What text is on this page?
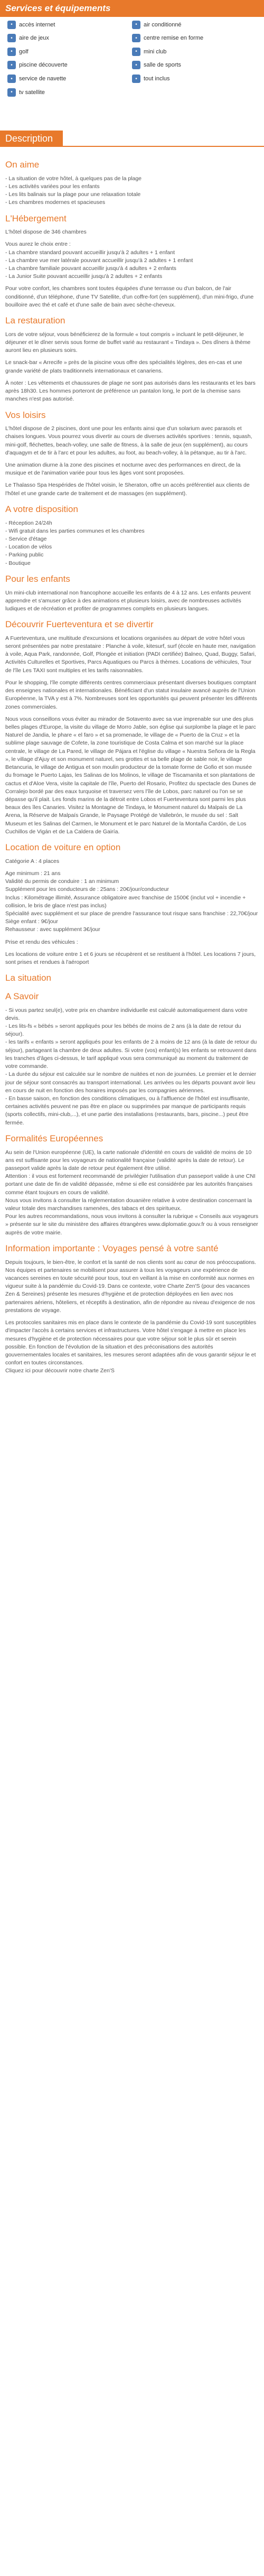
Services et équipements
•	accès internet	•	air conditionné
•	aire de jeux	•	centre remise en forme
•	golf	•	mini club
•	piscine découverte	•	salle de sports
•	service de navette	•	tout inclus
•	tv satellite
Description
On aime

- La situation de votre hôtel, à quelques pas de la plage
- Les activités variées pour les enfants
- Les lits balinais sur la plage pour une relaxation totale
- Les chambres modernes et spacieuses

L'Hébergement

L'hôtel dispose de 346 chambres

Vous aurez le choix entre :
- La chambre standard pouvant accueillir jusqu'à 2 adultes + 1 enfant
- La chambre vue mer latérale pouvant accueillir jusqu'à 2 adultes + 1 enfant
- La chambre familiale pouvant accueillir jusqu'à 4 adultes + 2 enfants
- La Junior Suite pouvant accueillir jusqu'à 2 adultes + 2 enfants

Pour votre confort, les chambres sont toutes équipées d'une terrasse ou d'un balcon, de l'air conditionné, d'un téléphone, d'une TV Satellite, d'un coffre-fort (en supplément), d'un mini-frigo, d'une bouilloire avec thé et café et d'une salle de bain avec sèche-cheveux.

La restauration

Lors de votre séjour, vous bénéficierez de la formule « tout compris » incluant le petit-déjeuner, le déjeuner et le dîner servis sous forme de buffet varié au restaurant « Tindaya ». Des dîners à thème auront lieu en plusieurs soirs.

Le snack-bar « Arrecife » près de la piscine vous offre des spécialités légères, des en-cas et une grande variété de plats traditionnels internationaux et canariens.

À noter : Les vêtements et chaussures de plage ne sont pas autorisés dans les restaurants et les bars après 18h30. Les hommes porteront de préférence un pantalon long, le port de la chemise sans manches n'est pas autorisé.

Vos loisirs

L'hôtel dispose de 2 piscines, dont une pour les enfants ainsi que d'un solarium avec parasols et chaises longues. Vous pourrez vous divertir au cours de diverses activités sportives : tennis, squash, mini-golf, fléchettes, beach-volley, une salle de fitness, à la salle de jeux (en supplément), au cours d'aquagym et de tir à l'arc et pour les adultes, au foot, au beach-volley, à la pétanque, au tir à l'arc.

Une animation diurne à la zone des piscines et nocturne avec des performances en direct, de la musique et de l'animation variée pour tous les âges vont sont proposées.

Le Thalasso Spa Hespérides de l'hôtel voisin, le Sheraton, offre un accès préférentiel aux clients de l'hôtel et une grande carte de traitement et de massages (en supplément).

A votre disposition

- Réception 24/24h
- Wifi gratuit dans les parties communes et les chambres
- Service d'étage
- Location de vélos
- Parking public
- Boutique

Pour les enfants

Un mini-club international non francophone accueille les enfants de 4 à 12 ans. Les enfants peuvent apprendre et s'amuser grâce à des animations et plusieurs loisirs, avec de nombreuses activités ludiques et de récréation et profiter de programmes complets en plusieurs langues.

Découvrir Fuerteventura et se divertir

A Fuerteventura, une multitude d'excursions et locations organisées au départ de votre hôtel vous seront présentées par notre prestataire : Planche à voile, kitesurf, surf (école en haute mer, navigation à voile, Aqua Park, randonnée, Golf, Plongée et initiation (PADI certifiée) Balneo, Quad, Buggy, Safari, Activités Culturelles et Sportives, Parcs Aquatiques ou Parcs à thèmes. Locations de véhicules, Tour de l'île Les TAXI sont multiples et les tarifs raisonnables.

Pour le shopping, l'île compte différents centres commerciaux présentant diverses boutiques comptant des enseignes nationales et internationales. Bénéficiant d'un statut insulaire avancé auprès de l'Union Européenne, la TVA y est à 7%. Nombreuses sont les opportunités qui peuvent présenter les différents zones commerciales.

Nous vous conseillons vous éviter au mirador de Sotavento avec sa vue imprenable sur une des plus belles plages d'Europe, la visite du village de Morro Jable, son église qui surplombe la plage et le parc Naturel de Jandia, le phare « el faro » et sa promenade, le village de « Puerto de la Cruz » et la sublime plage sauvage de Cofete, la zone touristique de Costa Calma et son marché sur la place centrale, le village de La Pared, le village de Pájara et l'église du village « Nuestra Señora de la Regla », le village d'Ajuy et son monument naturel, ses grottes et sa belle plage de sable noir, le village Betancuria, le village de Antigua et son moulin producteur de la tomate forme de Gofio et son musée du fromage le Puerto Lajas, les Salinas de los Molinos, le village de Tiscamanita et son plantations de cactus et d'Aloe Vera, visite la capitale de l'île, Puerto del Rosario, Profitez du spectacle des Dunes de Corralejo bordé par des eaux turquoise et traversez vers l'île de Lobos, parc naturel ou l'on se se dépasse qu'il plait. Les fonds marins de la détroit entre Lobos et Fuerteventura sont parmi les plus beaux des îles Canaries. Visitez la Montagne de Tindaya, le Monument naturel du Malpaís de La Arena, la Réserve de Malpaís Grande, le Paysage Protégé de Vallebrón, le musée du sel : Salt Museum et les Salinas del Carmen, le Monument et le parc Naturel de la Montaña Cardón, de Los Cuchillos de Vigán et de La Caldera de Gairía.

Location de voiture en option

Catégorie A : 4 places

Age minimum : 21 ans
Validité du permis de conduire : 1 an minimum
Supplément pour les conducteurs de : 25ans : 20€/jour/conducteur
Inclus : Kilométrage illimité, Assurance obligatoire avec franchise de 1500€ (inclut vol + incendie + collision, le bris de glace n'est pas inclus)
Spécialité avec supplément et sur place de prendre l'assurance tout risque sans franchise : 22,70€/jour
Siège enfant : 9€/jour
Rehausseur : avec supplément 3€/jour

Prise et rendu des véhicules :

Les locations de voiture entre 1 et 6 jours se récupèrent et se restituent à l'hôtel. Les locations 7 jours, sont prises et rendues à l'aéroport

La situation
A Savoir

- Si vous partez seul(e), votre prix en chambre individuelle est calculé automatiquement dans votre devis.
- Les lits-fs « bébés » seront appliqués pour les bébés de moins de 2 ans (à la date de retour du séjour).
- les tarifs « enfants » seront appliqués pour les enfants de 2 à moins de 12 ans (à la date de retour du séjour), partageant la chambre de deux adultes. Si votre (vos) enfant(s) les enfants se retrouvent dans les tranches d'âges ci-dessus, le tarif appliqué vous sera communiqué au moment du traitement de votre commande.
- La durée du séjour est calculée sur le nombre de nuitées et non de journées. Le premier et le dernier jour de séjour sont consacrés au transport international. Les arrivées ou les départs pouvant avoir lieu en cours de nuit en fonction des horaires imposés par les compagnies aériennes.
- En basse saison, en fonction des conditions climatiques, ou à l'affluence de l'hôtel est insuffisante, certaines activités peuvent ne pas être en place ou supprimées par manque de participants requis (sports collectifs, mini-club,...), et une partie des installations (restaurants, bars, piscine...) peut être fermée.

Formalités Européennes

Au sein de l'Union européenne (UE), la carte nationale d'identité en cours de validité de moins de 10 ans est suffisante pour les voyageurs de nationalité française (validité après la date de retour). Le passeport valide après la date de retour peut également être utilisé.
Attention : il vous est fortement recommandé de privilégier l'utilisation d'un passeport valide à une CNI portant une date de fin de validité dépassée, même si elle est considérée par les autorités françaises comme étant toujours en cours de validité.
Nous vous invitons à consulter la réglementation douanière relative à votre destination concernant la valeur totale des marchandises ramenées, des tabacs et des spiritueux.
Pour les autres recommandations, nous vous invitons à consulter la rubrique « Conseils aux voyageurs » présente sur le site du ministère des affaires étrangères www.diplomatie.gouv.fr ou à vous renseigner auprès de votre mairie.

Information importante : Voyages pensé à votre santé

Depuis toujours, le bien-être, le confort et la santé de nos clients sont au cœur de nos préoccupations. Nos équipes et partenaires se mobilisent pour assurer à tous les voyageurs une expérience de vacances sereines en toute sécurité pour tous, tout en veillant à la mise en conformité aux normes en vigueur suite à la pandémie du Covid-19. Dans ce contexte, votre Charte Zen'S (pour des vacances Zen & Sereines) présente les mesures d'hygiène et de protection déployées en lien avec nos partenaires aériens, hôteliers, et réceptifs à destination, afin de répondre au niveau d'exigence de nos prestations de voyage.

Les protocoles sanitaires mis en place dans le contexte de la pandémie du Covid-19 sont susceptibles d'impacter l'accès à certains services et infrastructures. Votre hôtel s'engage à mettre en place les mesures d'hygiène et de protection nécessaires pour que votre séjour soit le plus sûr et serein possible. En fonction de l'évolution de la situation et des préconisations des autorités gouvernementales locales et sanitaires, les mesures seront adaptées afin de vous garantir séjour le et confort en toutes circonstances.
Cliquez ici pour découvrir notre charte Zen'S
